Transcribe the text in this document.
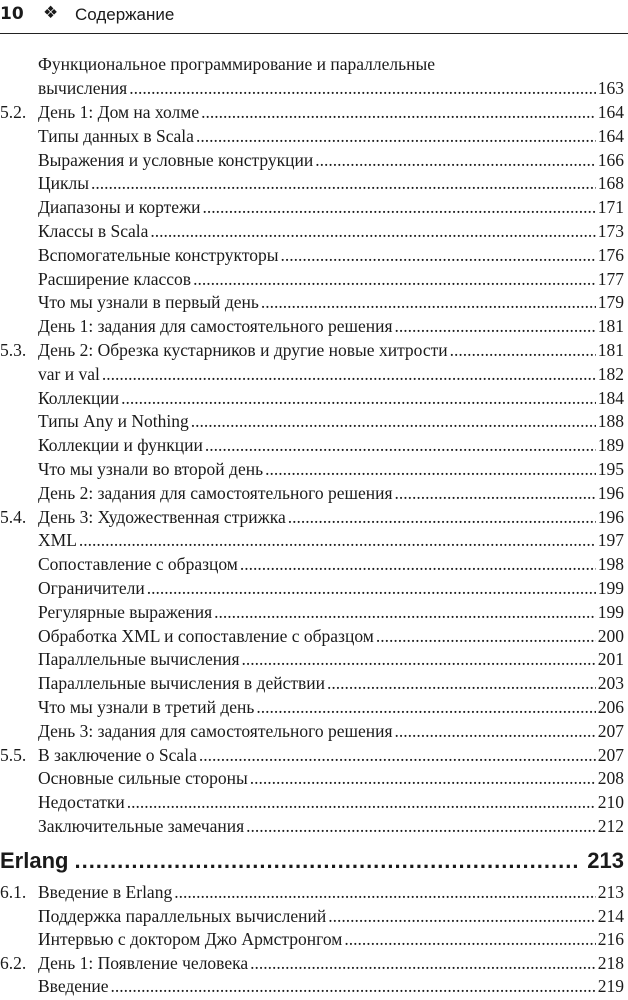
10 ❖ Содержание
Функциональное программирование и параллельные
вычисления .....	163
5.2. День 1: Дом на холме .....	164
Типы данных в Scala .....	164
Выражения и условные конструкции .....	166
Циклы .....	168
Диапазоны и кортежи .....	171
Классы в Scala .....	173
Вспомогательные конструкторы .....	176
Расширение классов .....	177
Что мы узнали в первый день .....	179
День 1: задания для самостоятельного решения .....	181
5.3. День 2: Обрезка кустарников и другие новые хитрости .....	181
var и val .....	182
Коллекции .....	184
Типы Any и Nothing .....	188
Коллекции и функции .....	189
Что мы узнали во второй день .....	195
День 2: задания для самостоятельного решения .....	196
5.4. День 3: Художественная стрижка .....	196
XML .....	197
Сопоставление с образцом .....	198
Ограничители .....	199
Регулярные выражения .....	199
Обработка XML и сопоставление с образцом .....	200
Параллельные вычисления .....	201
Параллельные вычисления в действии .....	203
Что мы узнали в третий день .....	206
День 3: задания для самостоятельного решения .....	207
5.5. В заключение о Scala .....	207
Основные сильные стороны .....	208
Недостатки .....	210
Заключительные замечания .....	212
Erlang .....	213
6.1. Введение в Erlang .....	213
Поддержка параллельных вычислений .....	214
Интервью с доктором Джо Армстронгом .....	216
6.2. День 1: Появление человека .....	218
Введение .....	219
